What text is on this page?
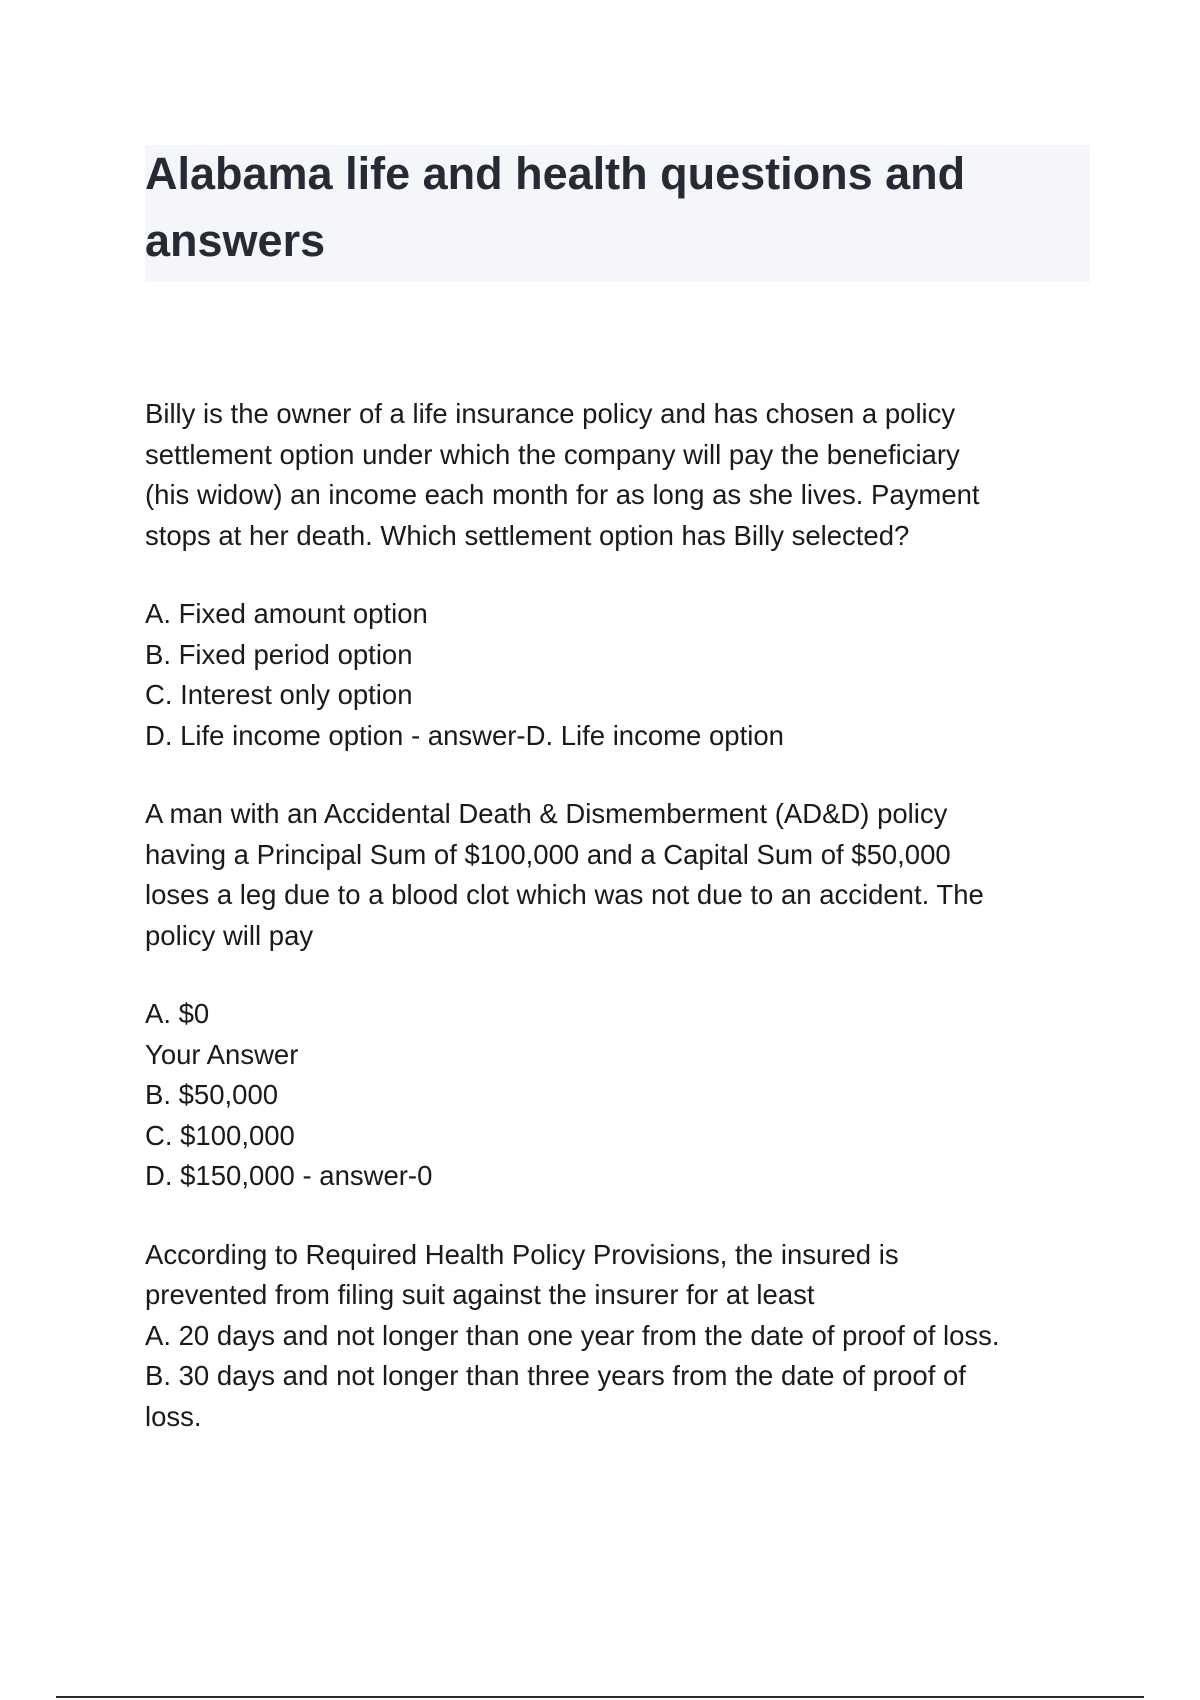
Alabama life and health questions and
answers
Billy is the owner of a life insurance policy and has chosen a policy
settlement option under which the company will pay the beneficiary
(his widow) an income each month for as long as she lives. Payment
stops at her death. Which settlement option has Billy selected?
A. Fixed amount option
B. Fixed period option
C. Interest only option
D. Life income option - answer-D. Life income option
A man with an Accidental Death & Dismemberment (AD&D) policy
having a Principal Sum of $100,000 and a Capital Sum of $50,000
loses a leg due to a blood clot which was not due to an accident. The
policy will pay
A. $0
Your Answer
B. $50,000
C. $100,000
D. $150,000 - answer-0
According to Required Health Policy Provisions, the insured is
prevented from filing suit against the insurer for at least
A. 20 days and not longer than one year from the date of proof of loss.
B. 30 days and not longer than three years from the date of proof of
loss.
